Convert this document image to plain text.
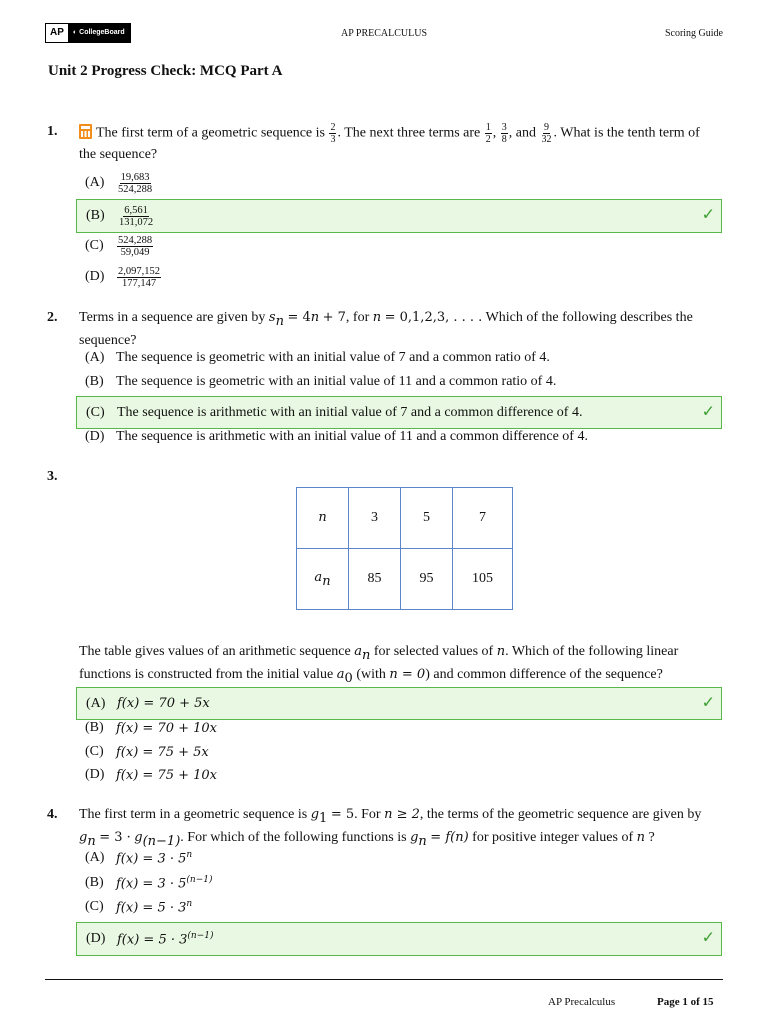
AP	◐ CollegeBoard	AP PRECALCULUS	Scoring Guide
Unit 2 Progress Check: MCQ Part A
1.	The first term of a geometric sequence is $\frac{2}{3}$ . The next three terms are $\frac{1}{2}$ , $\frac{3}{8}$ , and $\frac{9}{32}$ . What is the tenth term of
the sequence?
(A)	$\frac{19,683}{524,288}$
(B)	$\frac{6,561}{131,072}$	✓
(C)	$\frac{524,288}{59,049}$
(D)	$\frac{2,097,152}{177,147}$
2. Terms in a sequence are given by $s_n = 4n + 7$, for n = 0,1,2,3, . . . . Which of the following describes the
sequence?
(A) The sequence is geometric with an initial value of 7 and a common ratio of 4.
(B) The sequence is geometric with an initial value of 11 and a common ratio of 4.
(C) The sequence is arithmetic with an initial value of 7 and a common difference of 4.	✓
(D) The sequence is arithmetic with an initial value of 11 and a common difference of 4.
3.
n	3	5	7
$a_n$	85	95	105
The table gives values of an arithmetic sequence $a_n$ for selected values of n. Which of the following linear
functions is constructed from the initial value $a_0$ (with n = 0) and common difference of the sequence?
(A) f(x) = 70 + 5x	✓
(B) f(x) = 70 + 10x
(C) f(x) = 75 + 5x
(D) f(x) = 75 + 10x
4. The first term in a geometric sequence is $g_1 = 5$. For n ≥ 2, the terms of the geometric sequence are given by
$g_n = 3 \cdot g_{(n-1)}$. For which of the following functions is $g_n = f(n)$ for positive integer values of n ?
(A) $f(x) = 3 \cdot 5^n$
(B) $f(x) = 3 \cdot 5^{(n-1)}$
(C) $f(x) = 5 \cdot 3^n$
(D) $f(x) = 5 \cdot 3^{(n-1)}$	✓
AP Precalculus	Page 1 of 15
